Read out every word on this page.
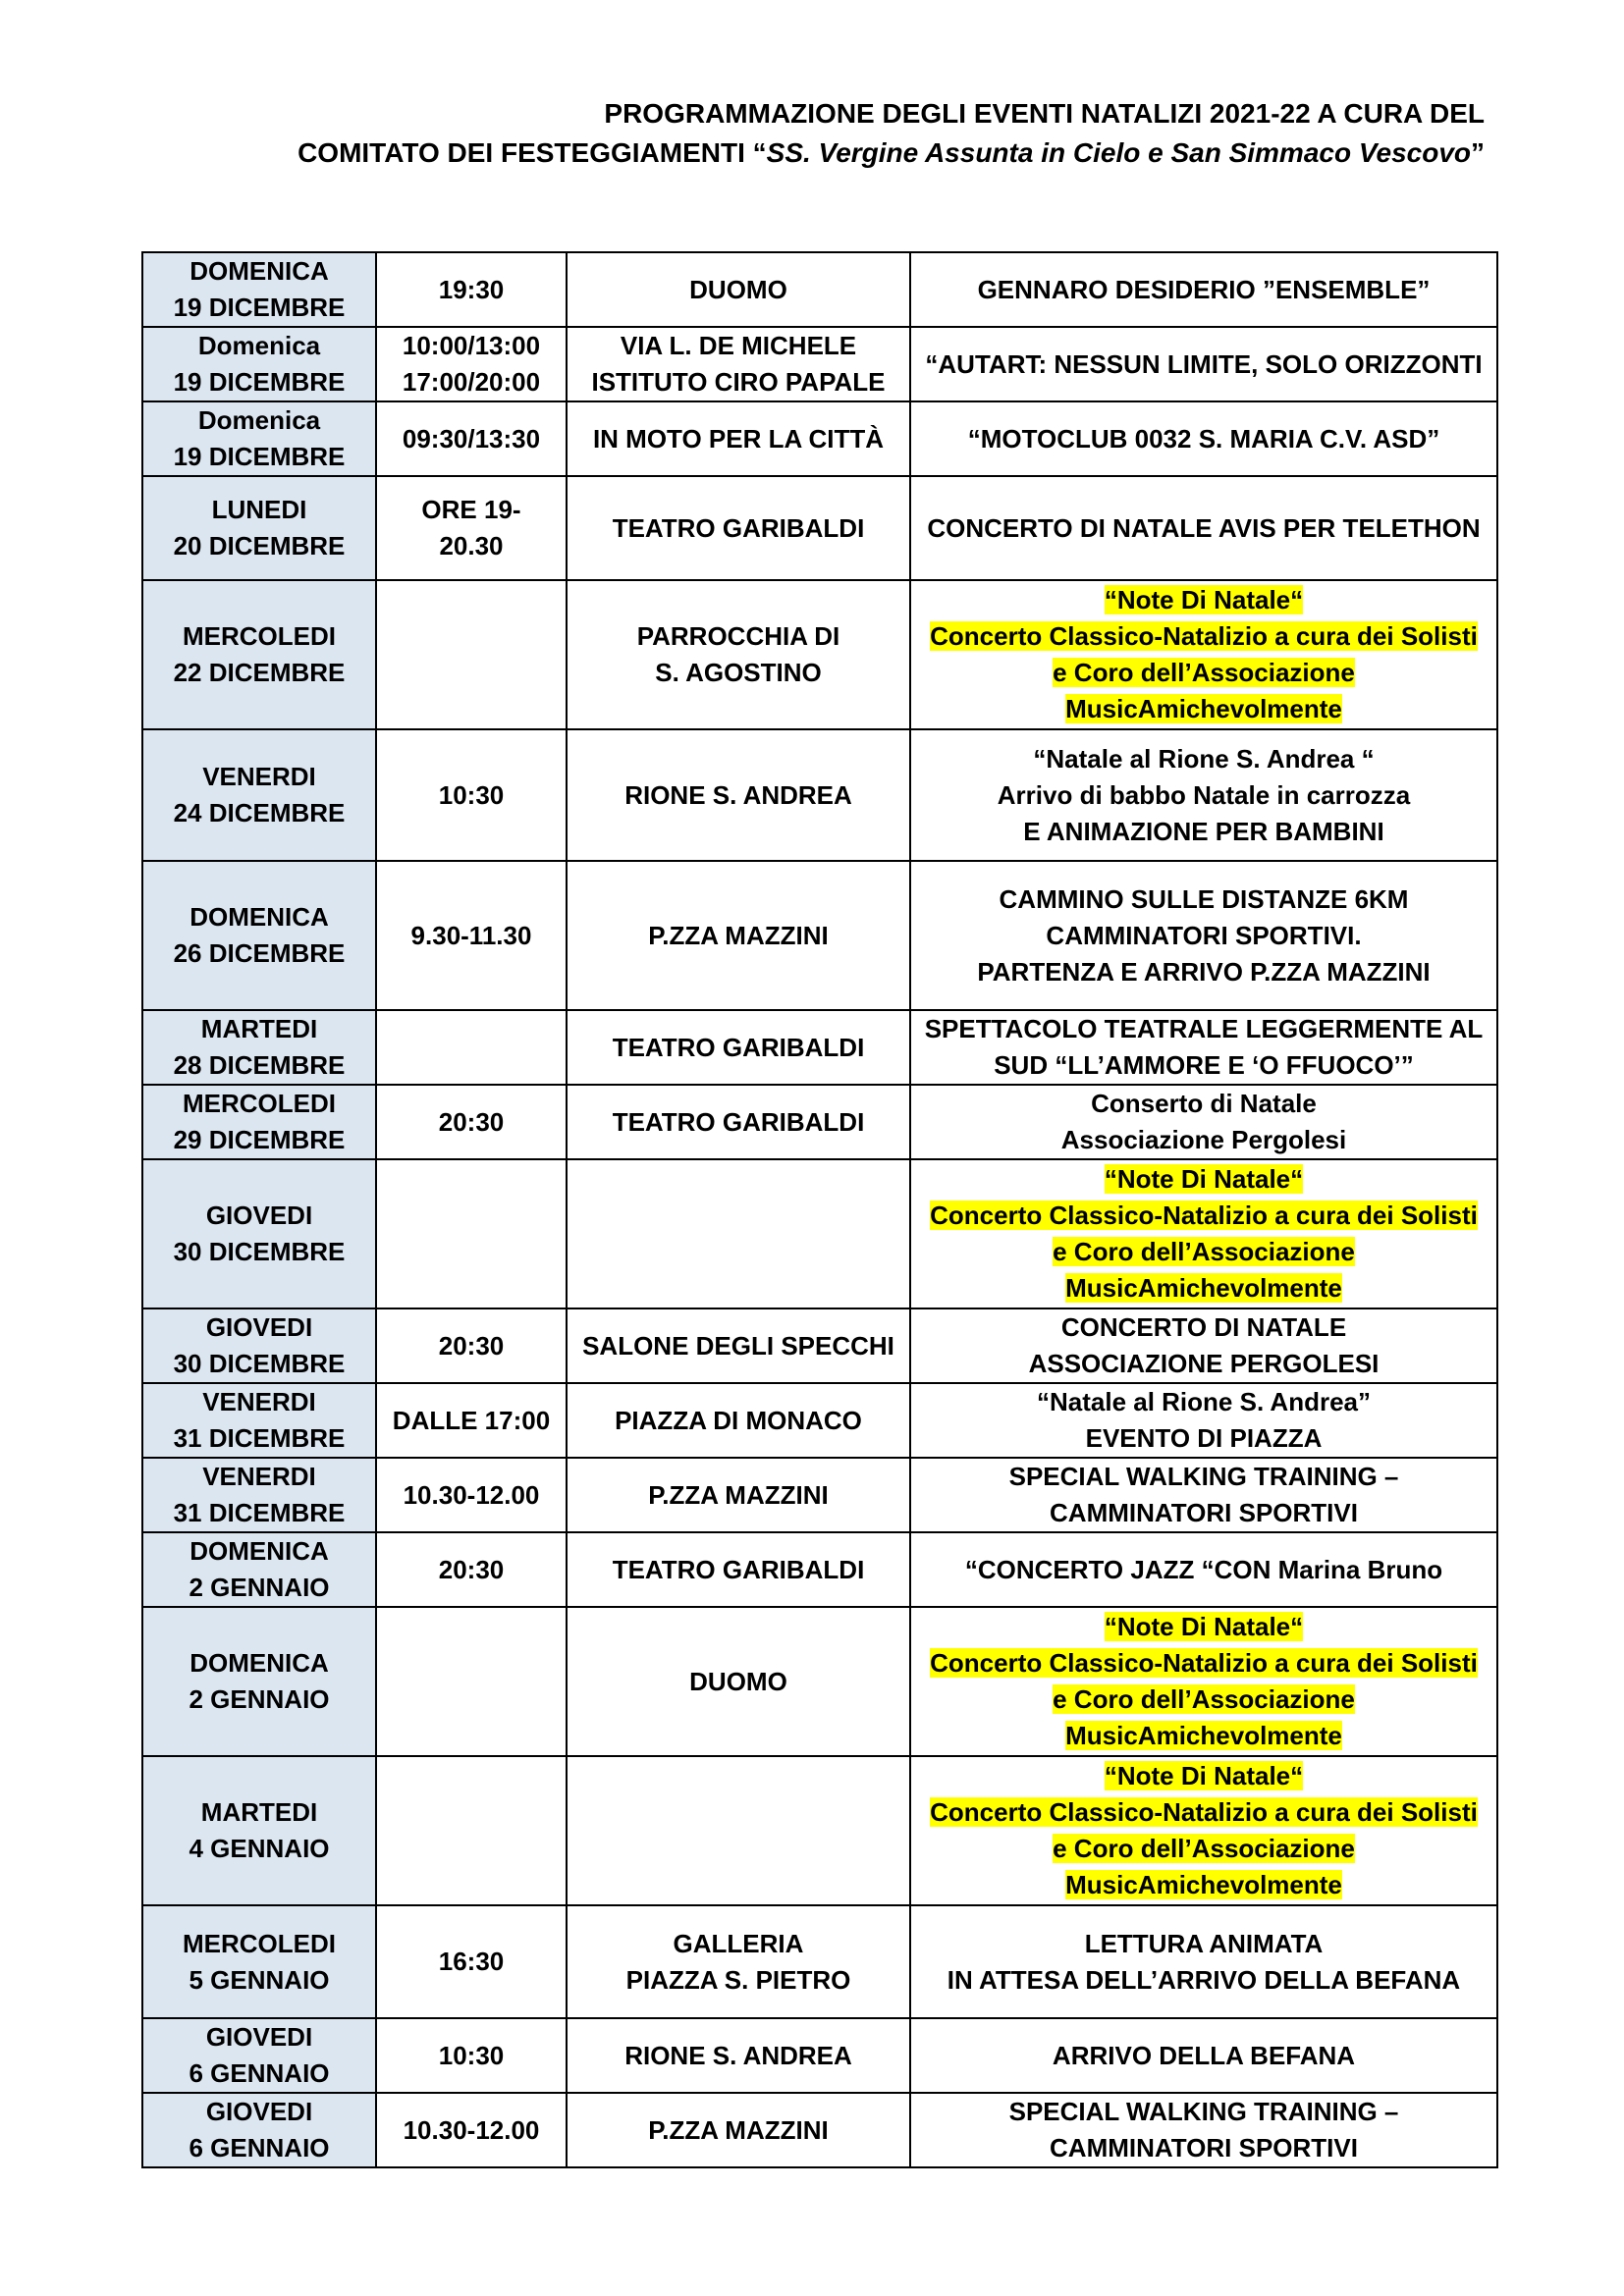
PROGRAMMAZIONE DEGLI EVENTI NATALIZI 2021-22 A CURA DEL
COMITATO DEI FESTEGGIAMENTI “SS. Vergine Assunta in Cielo e San Simmaco Vescovo”
DOMENICA
19 DICEMBRE	19:30	DUOMO	GENNARO DESIDERIO ”ENSEMBLE”

Domenica
19 DICEMBRE	10:00/13:00
17:00/20:00	VIA L. DE MICHELE
ISTITUTO CIRO PAPALE	“AUTART: NESSUN LIMITE, SOLO ORIZZONTI

Domenica
19 DICEMBRE	09:30/13:30	IN MOTO PER LA CITTÀ	“MOTOCLUB 0032 S. MARIA C.V. ASD”

LUNEDI
20 DICEMBRE	ORE 19-
20.30	TEATRO GARIBALDI	CONCERTO DI NATALE AVIS PER TELETHON

MERCOLEDI
22 DICEMBRE		PARROCCHIA DI
S. AGOSTINO	“Note Di Natale“
Concerto Classico-Natalizio a cura dei Solisti
e Coro dell’Associazione
MusicAmichevolmente

VENERDI
24 DICEMBRE	10:30	RIONE S. ANDREA	“Natale al Rione S. Andrea “
Arrivo di babbo Natale in carrozza
E ANIMAZIONE PER BAMBINI

DOMENICA
26 DICEMBRE	9.30-11.30	P.ZZA MAZZINI	CAMMINO SULLE DISTANZE 6KM
CAMMINATORI SPORTIVI.
PARTENZA E ARRIVO P.ZZA MAZZINI

MARTEDI
28 DICEMBRE		TEATRO GARIBALDI	SPETTACOLO TEATRALE LEGGERMENTE AL
SUD “LL’AMMORE E ‘O FFUOCO’”

MERCOLEDI
29 DICEMBRE	20:30	TEATRO GARIBALDI	Conserto di Natale
Associazione Pergolesi

GIOVEDI
30 DICEMBRE			“Note Di Natale“
Concerto Classico-Natalizio a cura dei Solisti
e Coro dell’Associazione
MusicAmichevolmente

GIOVEDI
30 DICEMBRE	20:30	SALONE DEGLI SPECCHI	CONCERTO DI NATALE
ASSOCIAZIONE PERGOLESI

VENERDI
31 DICEMBRE	DALLE 17:00	PIAZZA DI MONACO	“Natale al Rione S. Andrea”
EVENTO DI PIAZZA

VENERDI
31 DICEMBRE	10.30-12.00	P.ZZA MAZZINI	SPECIAL WALKING TRAINING –
CAMMINATORI SPORTIVI

DOMENICA
2 GENNAIO	20:30	TEATRO GARIBALDI	“CONCERTO JAZZ “CON Marina Bruno

DOMENICA
2 GENNAIO		DUOMO	“Note Di Natale“
Concerto Classico-Natalizio a cura dei Solisti
e Coro dell’Associazione
MusicAmichevolmente

MARTEDI
4 GENNAIO			“Note Di Natale“
Concerto Classico-Natalizio a cura dei Solisti
e Coro dell’Associazione
MusicAmichevolmente

MERCOLEDI
5 GENNAIO	16:30	GALLERIA
PIAZZA S. PIETRO	LETTURA ANIMATA
IN ATTESA DELL’ARRIVO DELLA BEFANA

GIOVEDI
6 GENNAIO	10:30	RIONE S. ANDREA	ARRIVO DELLA BEFANA

GIOVEDI
6 GENNAIO	10.30-12.00	P.ZZA MAZZINI	SPECIAL WALKING TRAINING –
CAMMINATORI SPORTIVI
